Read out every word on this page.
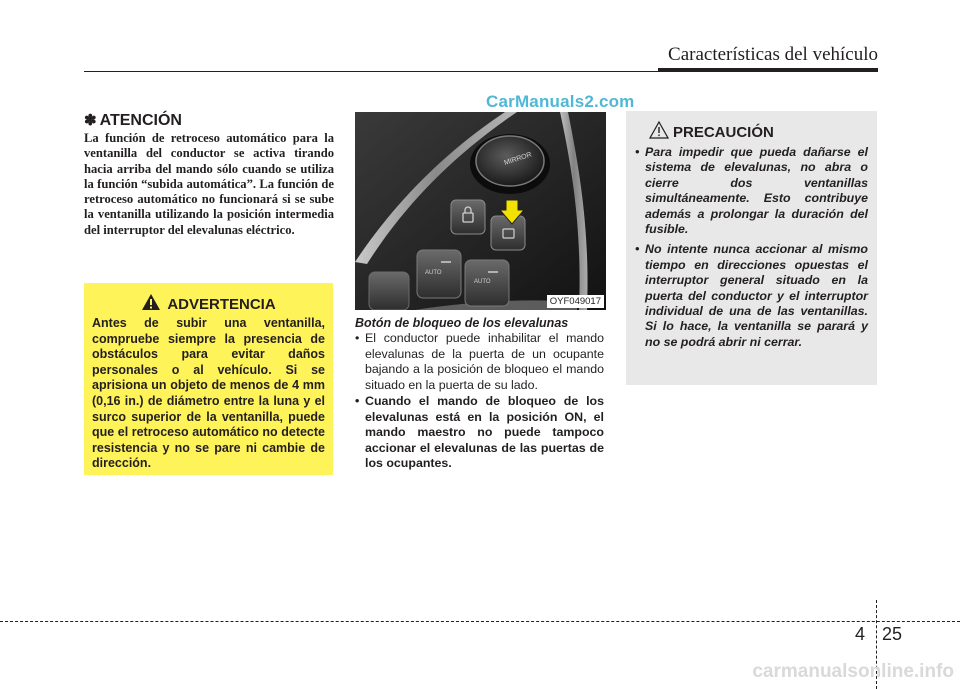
Características del vehículo
CarManuals2.com
✽ ATENCIÓN
La función de retroceso automático para la ventanilla del conductor se activa tirando hacia arriba del mando sólo cuando se utiliza la función “subida automática”. La función de retroceso automático no funcionará si se sube la ventanilla utilizando la posición intermedia del interruptor del elevalunas eléctrico.
ADVERTENCIA
Antes de subir una ventanilla, compruebe siempre la presencia de obstáculos para evitar daños personales o al vehículo. Si se aprisiona un objeto de menos de 4 mm (0,16 in.) de diámetro entre la luna y el surco superior de la ventanilla, puede que el retroceso automático no detecte resistencia y no se pare ni cambie de dirección.
MIRROR
AUTO
AUTO
OYF049017
Botón de bloqueo de los elevalunas
• El conductor puede inhabilitar el mando elevalunas de la puerta de un ocupante bajando a la posición de bloqueo el mando situado en la puerta de su lado.
• Cuando el mando de bloqueo de los elevalunas está en la posición ON, el mando maestro no puede tampoco accionar el elevalunas de las puertas de los ocupantes.
PRECAUCIÓN
• Para impedir que pueda dañarse el sistema de elevalunas, no abra o cierre dos ventanillas simultáneamente. Esto contribuye además a prolongar la duración del fusible.
• No intente nunca accionar al mismo tiempo en direcciones opuestas el interruptor general situado en la puerta del conductor y el interruptor individual de una de las ventanillas. Si lo hace, la ventanilla se parará y no se podrá abrir ni cerrar.
4 25
carmanualsonline.info
